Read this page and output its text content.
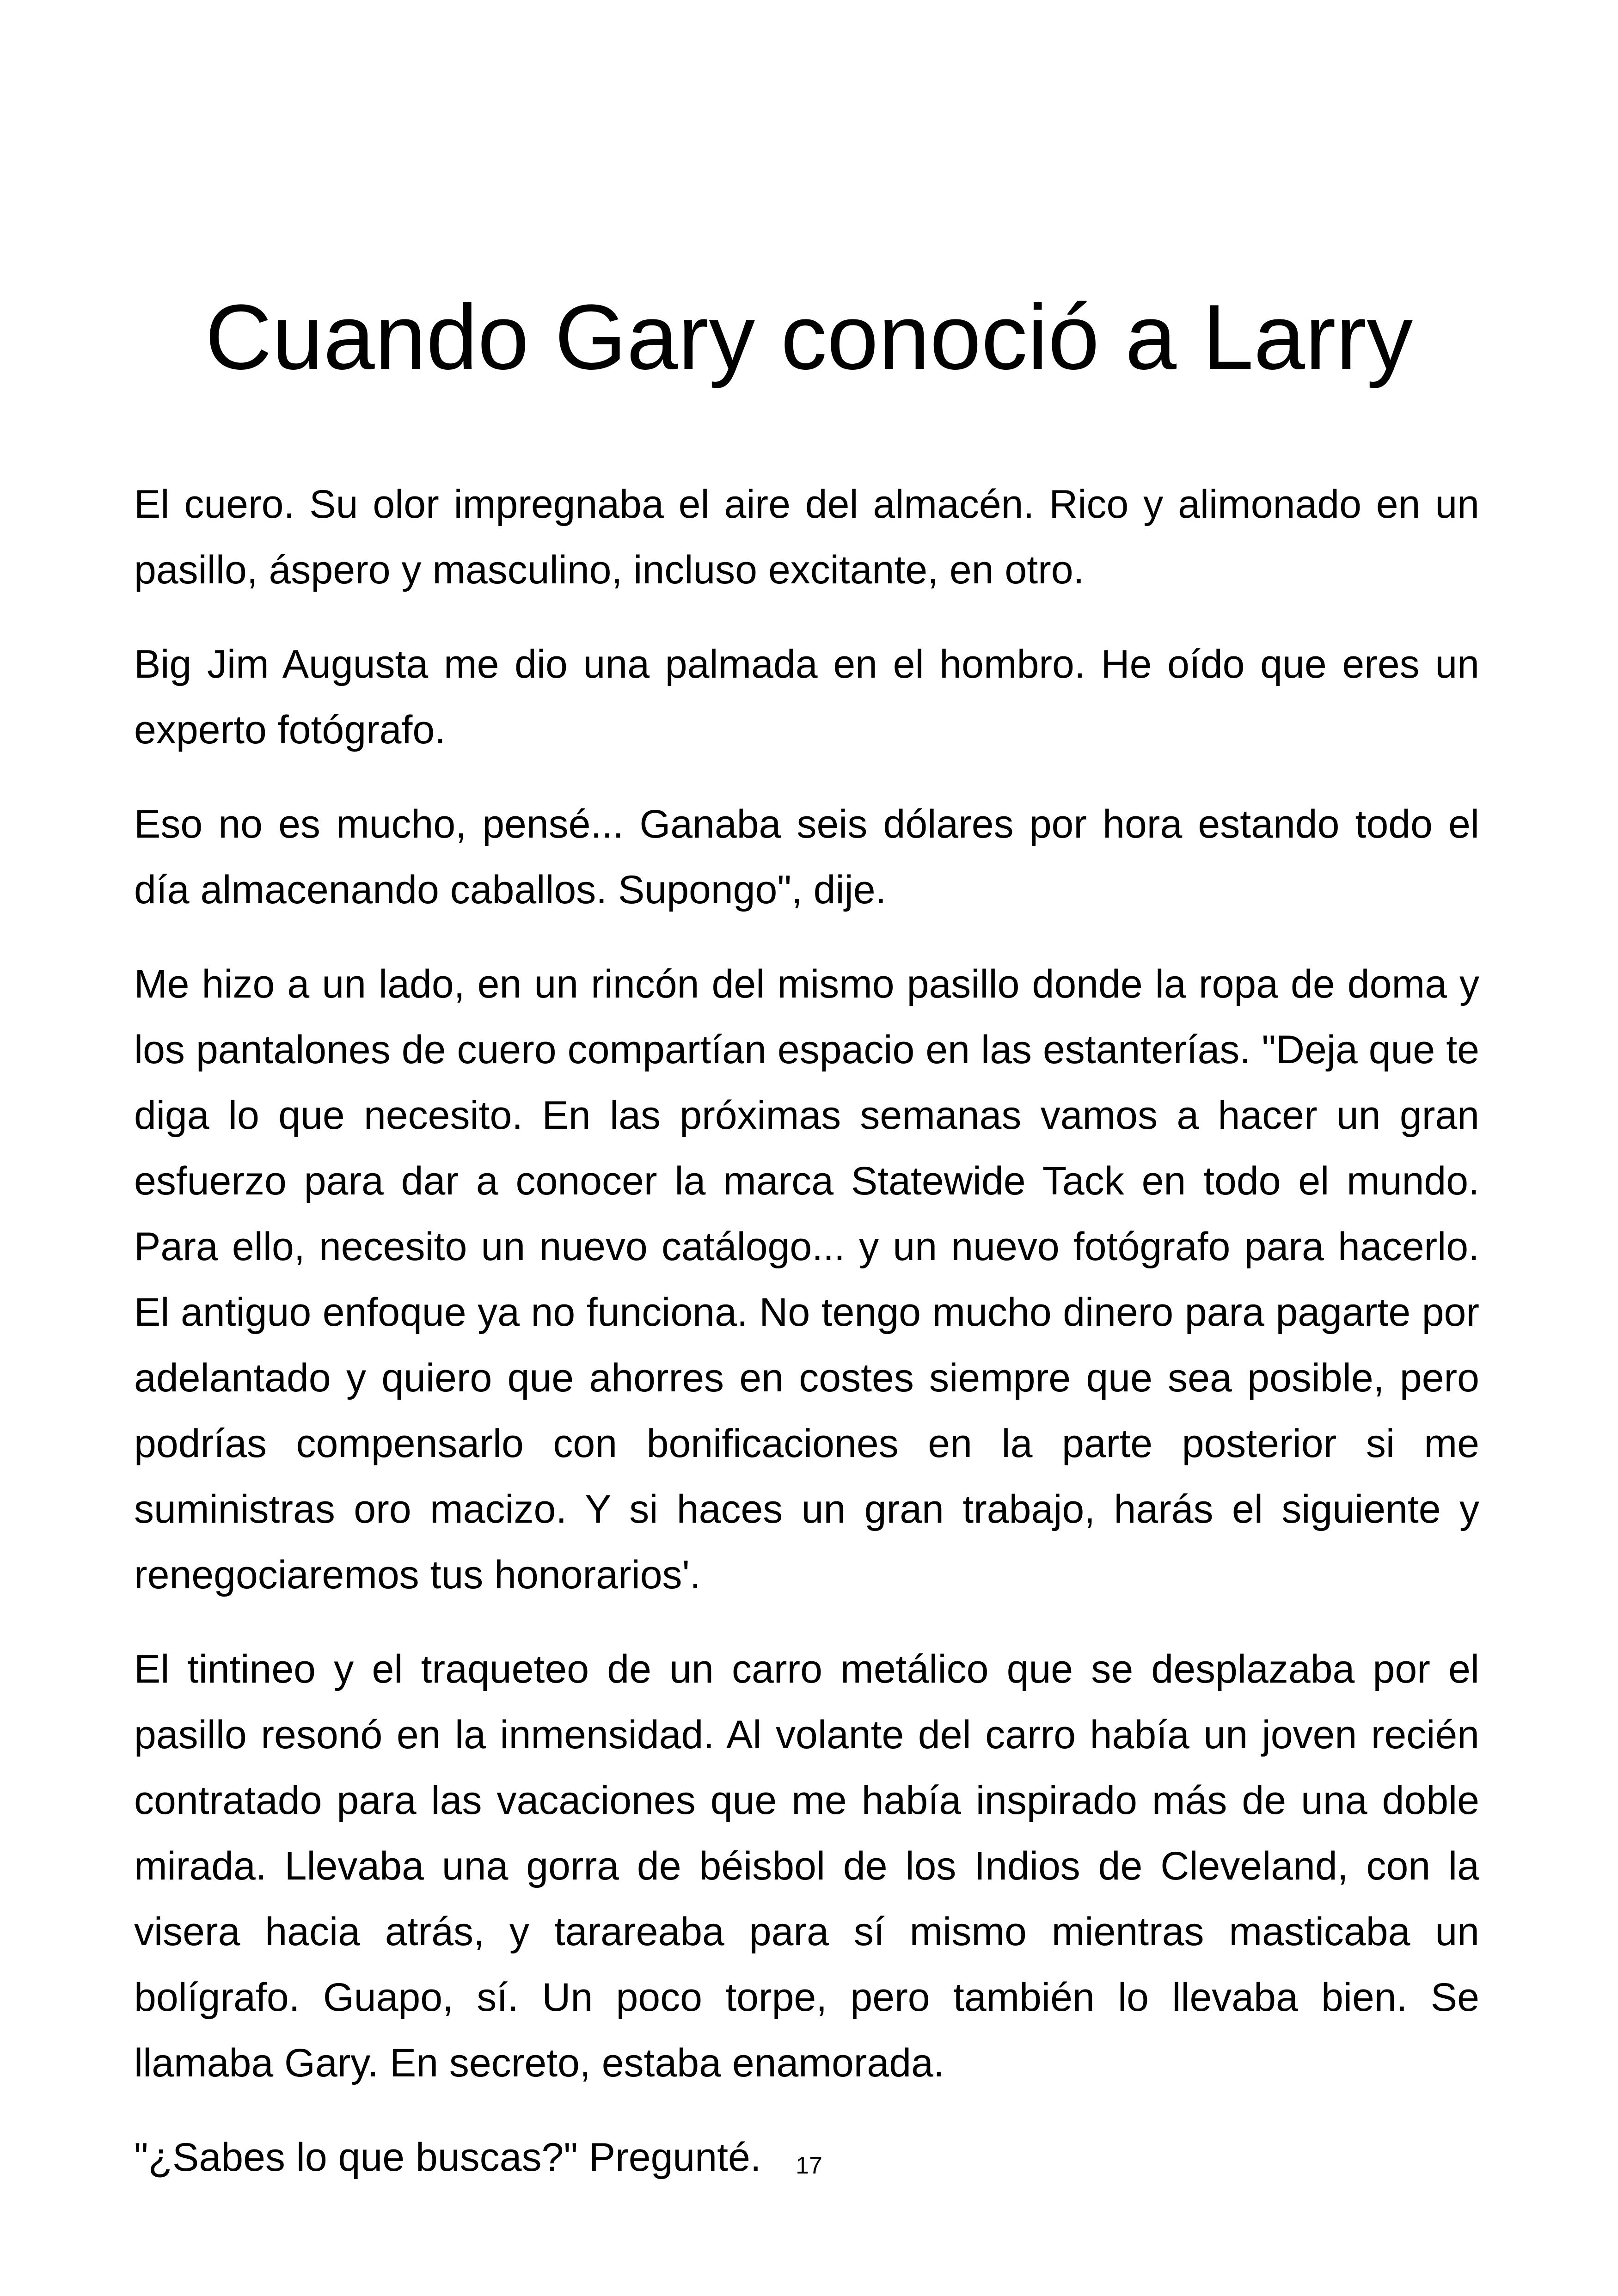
Cuando Gary conoció a Larry

El cuero. Su olor impregnaba el aire del almacén. Rico y alimonado en un pasillo, áspero y masculino, incluso excitante, en otro.

Big Jim Augusta me dio una palmada en el hombro. He oído que eres un experto fotógrafo.

Eso no es mucho, pensé... Ganaba seis dólares por hora estando todo el día almacenando caballos. Supongo", dije.

Me hizo a un lado, en un rincón del mismo pasillo donde la ropa de doma y los pantalones de cuero compartían espacio en las estanterías. "Deja que te diga lo que necesito. En las próximas semanas vamos a hacer un gran esfuerzo para dar a conocer la marca Statewide Tack en todo el mundo. Para ello, necesito un nuevo catálogo... y un nuevo fotógrafo para hacerlo. El antiguo enfoque ya no funciona. No tengo mucho dinero para pagarte por adelantado y quiero que ahorres en costes siempre que sea posible, pero podrías compensarlo con bonificaciones en la parte posterior si me suministras oro macizo. Y si haces un gran trabajo, harás el siguiente y renegociaremos tus honorarios'.

El tintineo y el traqueteo de un carro metálico que se desplazaba por el pasillo resonó en la inmensidad. Al volante del carro había un joven recién contratado para las vacaciones que me había inspirado más de una doble mirada. Llevaba una gorra de béisbol de los Indios de Cleveland, con la visera hacia atrás, y tarareaba para sí mismo mientras masticaba un bolígrafo. Guapo, sí. Un poco torpe, pero también lo llevaba bien. Se llamaba Gary. En secreto, estaba enamorada.

"¿Sabes lo que buscas?" Pregunté.	17
